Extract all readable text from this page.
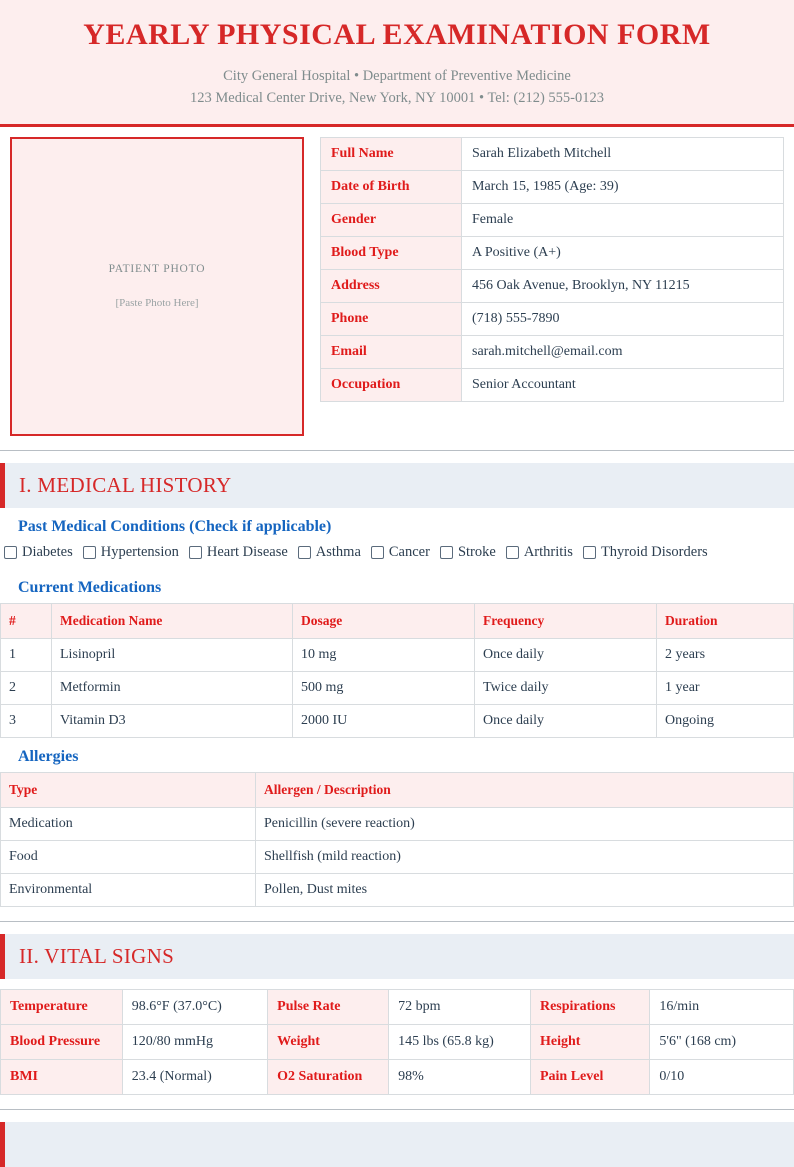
YEARLY PHYSICAL EXAMINATION FORM
City General Hospital • Department of Preventive Medicine
123 Medical Center Drive, New York, NY 10001 • Tel: (212) 555-0123
PATIENT PHOTO
[Paste Photo Here]
Full Name	Sarah Elizabeth Mitchell
Date of Birth	March 15, 1985 (Age: 39)
Gender	Female
Blood Type	A Positive (A+)
Address	456 Oak Avenue, Brooklyn, NY 11215
Phone	(718) 555-7890
Email	sarah.mitchell@email.com
Occupation	Senior Accountant
I. MEDICAL HISTORY
Past Medical Conditions (Check if applicable)
Diabetes Hypertension Heart Disease Asthma Cancer Stroke Arthritis Thyroid Disorders
Current Medications
#	Medication Name	Dosage	Frequency	Duration
1	Lisinopril	10 mg	Once daily	2 years
2	Metformin	500 mg	Twice daily	1 year
3	Vitamin D3	2000 IU	Once daily	Ongoing
Allergies
Type	Allergen / Description
Medication	Penicillin (severe reaction)
Food	Shellfish (mild reaction)
Environmental	Pollen, Dust mites
II. VITAL SIGNS
Temperature	98.6°F (37.0°C)	Pulse Rate	72 bpm	Respirations	16/min
Blood Pressure	120/80 mmHg	Weight	145 lbs (65.8 kg)	Height	5'6" (168 cm)
BMI	23.4 (Normal)	O2 Saturation	98%	Pain Level	0/10
